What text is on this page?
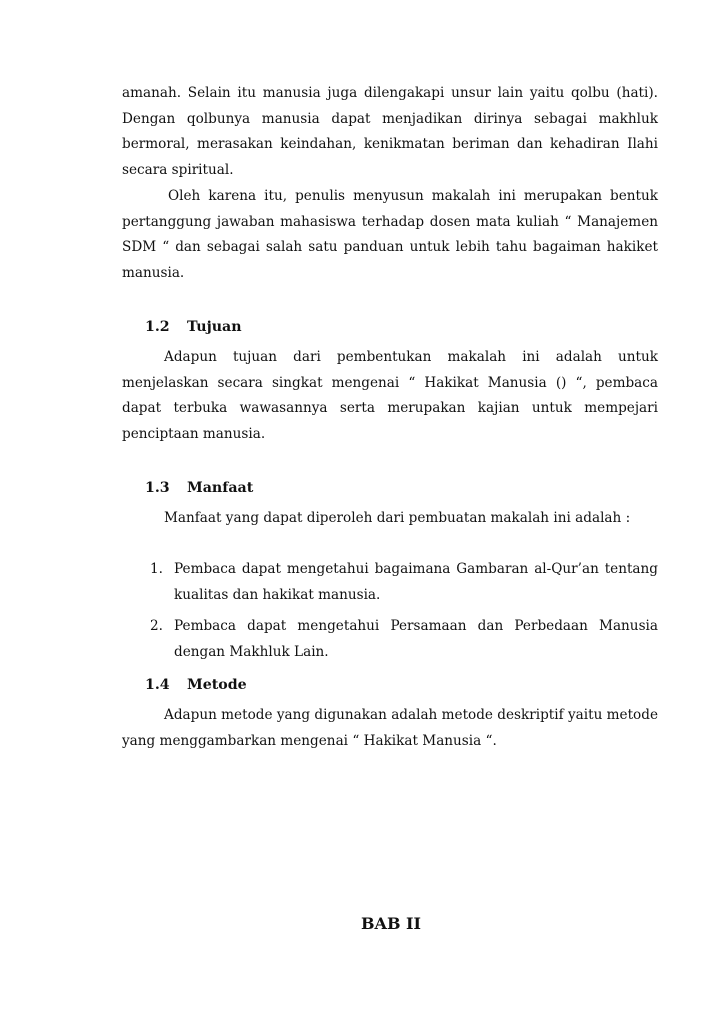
amanah. Selain itu manusia juga dilengakapi unsur lain yaitu qolbu (hati). Dengan qolbunya manusia dapat menjadikan dirinya sebagai makhluk bermoral, merasakan keindahan, kenikmatan beriman dan kehadiran Ilahi secara spiritual.

Oleh karena itu, penulis menyusun makalah ini merupakan bentuk pertanggung jawaban mahasiswa terhadap dosen mata kuliah “ Manajemen SDM “ dan sebagai salah satu panduan untuk lebih tahu bagaiman hakiket manusia.

1.2 Tujuan

Adapun tujuan dari pembentukan makalah ini adalah untuk menjelaskan secara singkat mengenai “ Hakikat Manusia () “, pembaca dapat terbuka wawasannya serta merupakan kajian untuk mempejari penciptaan manusia.

1.3 Manfaat

Manfaat yang dapat diperoleh dari pembuatan makalah ini adalah :

1. Pembaca dapat mengetahui bagaimana Gambaran al-Qur’an tentang kualitas dan hakikat manusia.
2. Pembaca dapat mengetahui Persamaan dan Perbedaan Manusia dengan Makhluk Lain.
1.4 Metode

Adapun metode yang digunakan adalah metode deskriptif yaitu metode yang menggambarkan mengenai “ Hakikat Manusia “.

BAB II
